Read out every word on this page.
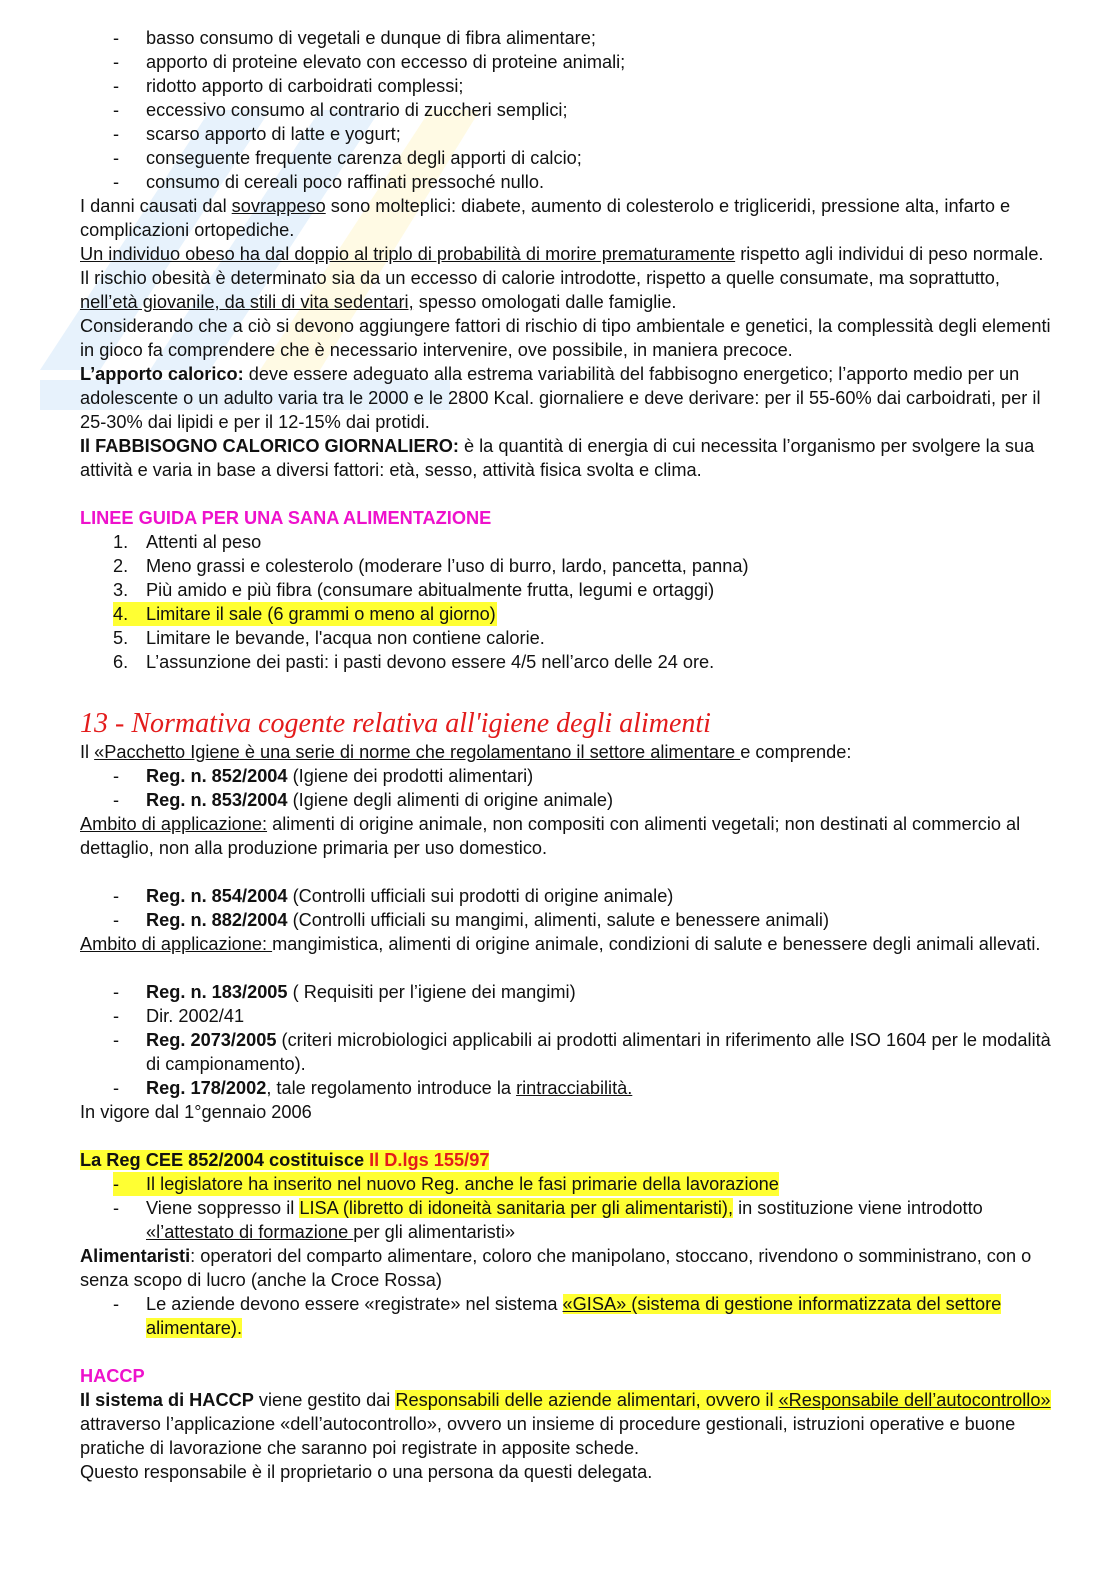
- basso consumo di vegetali e dunque di fibra alimentare;
- apporto di proteine elevato con eccesso di proteine animali;
- ridotto apporto di carboidrati complessi;
- eccessivo consumo al contrario di zuccheri semplici;
- scarso apporto di latte e yogurt;
- conseguente frequente carenza degli apporti di calcio;
- consumo di cereali poco raffinati pressoché nullo.

I danni causati dal sovrappeso sono molteplici: diabete, aumento di colesterolo e trigliceridi, pressione alta, infarto e complicazioni ortopediche.

Un individuo obeso ha dal doppio al triplo di probabilità di morire prematuramente rispetto agli individui di peso normale.

Il rischio obesità è determinato sia da un eccesso di calorie introdotte, rispetto a quelle consumate, ma soprattutto, nell’età giovanile, da stili di vita sedentari, spesso omologati dalle famiglie.

Considerando che a ciò si devono aggiungere fattori di rischio di tipo ambientale e genetici, la complessità degli elementi in gioco fa comprendere che è necessario intervenire, ove possibile, in maniera precoce.

L’apporto calorico: deve essere adeguato alla estrema variabilità del fabbisogno energetico; l’apporto medio per un adolescente o un adulto varia tra le 2000 e le 2800 Kcal. giornaliere e deve derivare: per il 55-60% dai carboidrati, per il 25-30% dai lipidi e per il 12-15% dai protidi.

Il FABBISOGNO CALORICO GIORNALIERO: è la quantità di energia di cui necessita l’organismo per svolgere la sua attività e varia in base a diversi fattori: età, sesso, attività fisica svolta e clima.

LINEE GUIDA PER UNA SANA ALIMENTAZIONE

1. Attenti al peso
2. Meno grassi e colesterolo (moderare l’uso di burro, lardo, pancetta, panna)
3. Più amido e più fibra (consumare abitualmente frutta, legumi e ortaggi)
4. Limitare il sale (6 grammi o meno al giorno)
5. Limitare le bevande, l'acqua non contiene calorie.
6. L’assunzione dei pasti: i pasti devono essere 4/5 nell’arco delle 24 ore.

13 - Normativa cogente relativa all'igiene degli alimenti

Il «Pacchetto Igiene è una serie di norme che regolamentano il settore alimentare e comprende:

- Reg. n. 852/2004 (Igiene dei prodotti alimentari)
- Reg. n. 853/2004 (Igiene degli alimenti di origine animale)

Ambito di applicazione: alimenti di origine animale, non compositi con alimenti vegetali; non destinati al commercio al dettaglio, non alla produzione primaria per uso domestico.

- Reg. n. 854/2004 (Controlli ufficiali sui prodotti di origine animale)
- Reg. n. 882/2004 (Controlli ufficiali su mangimi, alimenti, salute e benessere animali)

Ambito di applicazione: mangimistica, alimenti di origine animale, condizioni di salute e benessere degli animali allevati.

- Reg. n. 183/2005 ( Requisiti per l’igiene dei mangimi)
- Dir. 2002/41
- Reg. 2073/2005 (criteri microbiologici applicabili ai prodotti alimentari in riferimento alle ISO 1604 per le modalità di campionamento).
- Reg. 178/2002, tale regolamento introduce la rintracciabilità.

In vigore dal 1°gennaio 2006

La Reg CEE 852/2004 costituisce Il D.lgs 155/97

- - Il legislatore ha inserito nel nuovo Reg. anche le fasi primarie della lavorazione
- Viene soppresso il LISA (libretto di idoneità sanitaria per gli alimentaristi), in sostituzione viene introdotto «l’attestato di formazione per gli alimentaristi»

Alimentaristi: operatori del comparto alimentare, coloro che manipolano, stoccano, rivendono o somministrano, con o senza scopo di lucro (anche la Croce Rossa)

- Le aziende devono essere «registrate» nel sistema «GISA» (sistema di gestione informatizzata del settore alimentare).

HACCP

Il sistema di HACCP viene gestito dai Responsabili delle aziende alimentari, ovvero il «Responsabile dell’autocontrollo» attraverso l’applicazione «dell’autocontrollo», ovvero un insieme di procedure gestionali, istruzioni operative e buone pratiche di lavorazione che saranno poi registrate in apposite schede.

Questo responsabile è il proprietario o una persona da questi delegata.
